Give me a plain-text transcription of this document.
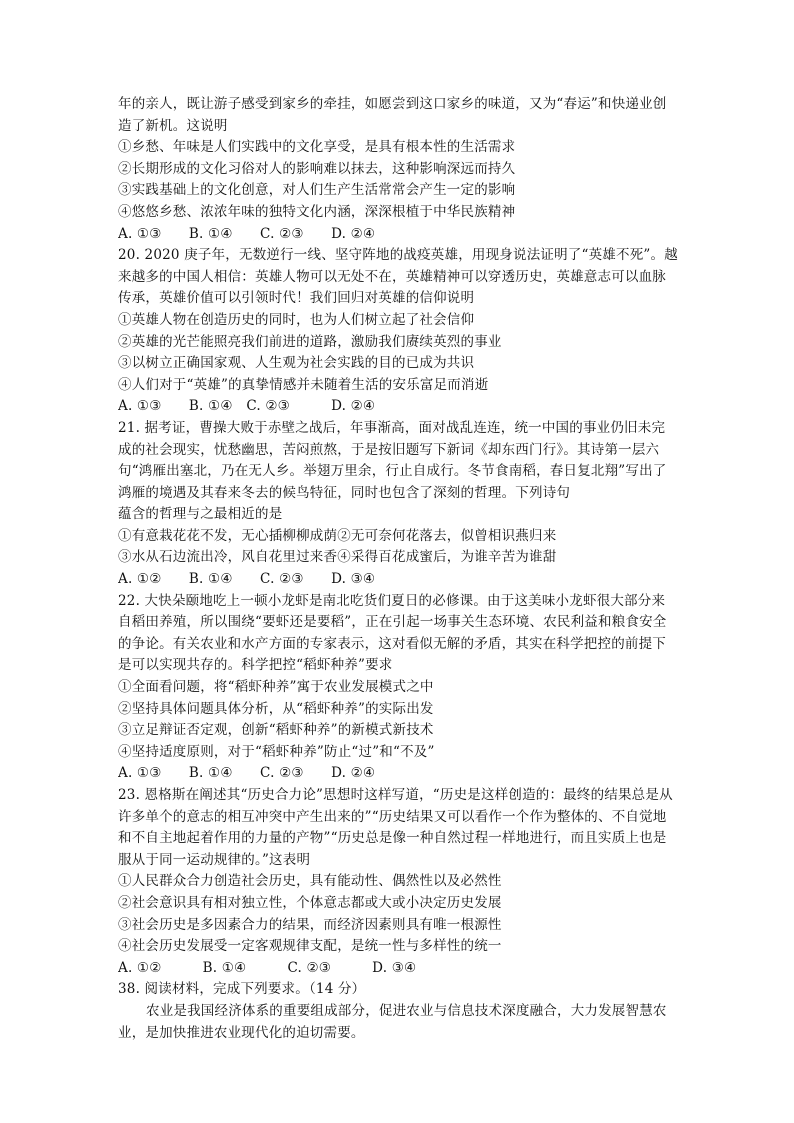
年的亲人，既让游子感受到家乡的牵挂，如愿尝到这口家乡的味道，又为“春运”和快递业创
造了新机。这说明
①乡愁、年味是人们实践中的文化享受，是具有根本性的生活需求
②长期形成的文化习俗对人的影响难以抹去，这种影响深远而持久
③实践基础上的文化创意，对人们生产生活常常会产生一定的影响
④悠悠乡愁、浓浓年味的独特文化内涵，深深根植于中华民族精神
A. ①③　　B. ①④　　C. ②③　　D. ②④
20. 2020 庚子年，无数逆行一线、坚守阵地的战疫英雄，用现身说法证明了“英雄不死”。越
来越多的中国人相信：英雄人物可以无处不在，英雄精神可以穿透历史，英雄意志可以血脉
传承，英雄价值可以引领时代！我们回归对英雄的信仰说明
①英雄人物在创造历史的同时，也为人们树立起了社会信仰
②英雄的光芒能照亮我们前进的道路，激励我们赓续英烈的事业
③以树立正确国家观、人生观为社会实践的目的已成为共识
④人们对于“英雄”的真挚情感并未随着生活的安乐富足而消逝
A. ①③　　B. ①④　C. ②③　　　D. ②④
21. 据考证，曹操大败于赤壁之战后，年事渐高，面对战乱连连，统一中国的事业仍旧未完
成的社会现实，忧愁幽思，苦闷煎熬，于是按旧题写下新词《却东西门行》。其诗第一层六
句“鸿雁出塞北，乃在无人乡。举翅万里余，行止自成行。冬节食南稻，春日复北翔”写出了
鸿雁的境遇及其春来冬去的候鸟特征，同时也包含了深刻的哲理。下列诗句
蕴含的哲理与之最相近的是
①有意栽花花不发，无心插柳柳成荫②无可奈何花落去，似曾相识燕归来
③水从石边流出冷，风自花里过来香④采得百花成蜜后，为谁辛苦为谁甜
A. ①②　　B. ①④　　C. ②③　　D. ③④
22. 大快朵颐地吃上一顿小龙虾是南北吃货们夏日的必修课。由于这美味小龙虾很大部分来
自稻田养殖，所以围绕“要虾还是要稻”，正在引起一场事关生态环境、农民利益和粮食安全
的争论。有关农业和水产方面的专家表示，这对看似无解的矛盾，其实在科学把控的前提下
是可以实现共存的。科学把控“稻虾种养”要求
①全面看问题，将“稻虾种养”寓于农业发展模式之中
②坚持具体问题具体分析，从“稻虾种养”的实际出发
③立足辩证否定观，创新“稻虾种养”的新模式新技术
④坚持适度原则，对于“稻虾种养”防止“过”和“不及”
A. ①③　　B. ①④　　C. ②③　　D. ②④
23. 恩格斯在阐述其“历史合力论”思想时这样写道，“历史是这样创造的：最终的结果总是从
许多单个的意志的相互冲突中产生出来的”“历史结果又可以看作一个作为整体的、不自觉地
和不自主地起着作用的力量的产物”“历史总是像一种自然过程一样地进行，而且实质上也是
服从于同一运动规律的。”这表明
①人民群众合力创造社会历史，具有能动性、偶然性以及必然性
②社会意识具有相对独立性，个体意志都或大或小决定历史发展
③社会历史是多因素合力的结果，而经济因素则具有唯一根源性
④社会历史发展受一定客观规律支配，是统一性与多样性的统一
A. ①②　　　B. ①④　　　C. ②③　　　D. ③④
38. 阅读材料，完成下列要求。（14 分）
农业是我国经济体系的重要组成部分，促进农业与信息技术深度融合，大力发展智慧农
业，是加快推进农业现代化的迫切需要。
